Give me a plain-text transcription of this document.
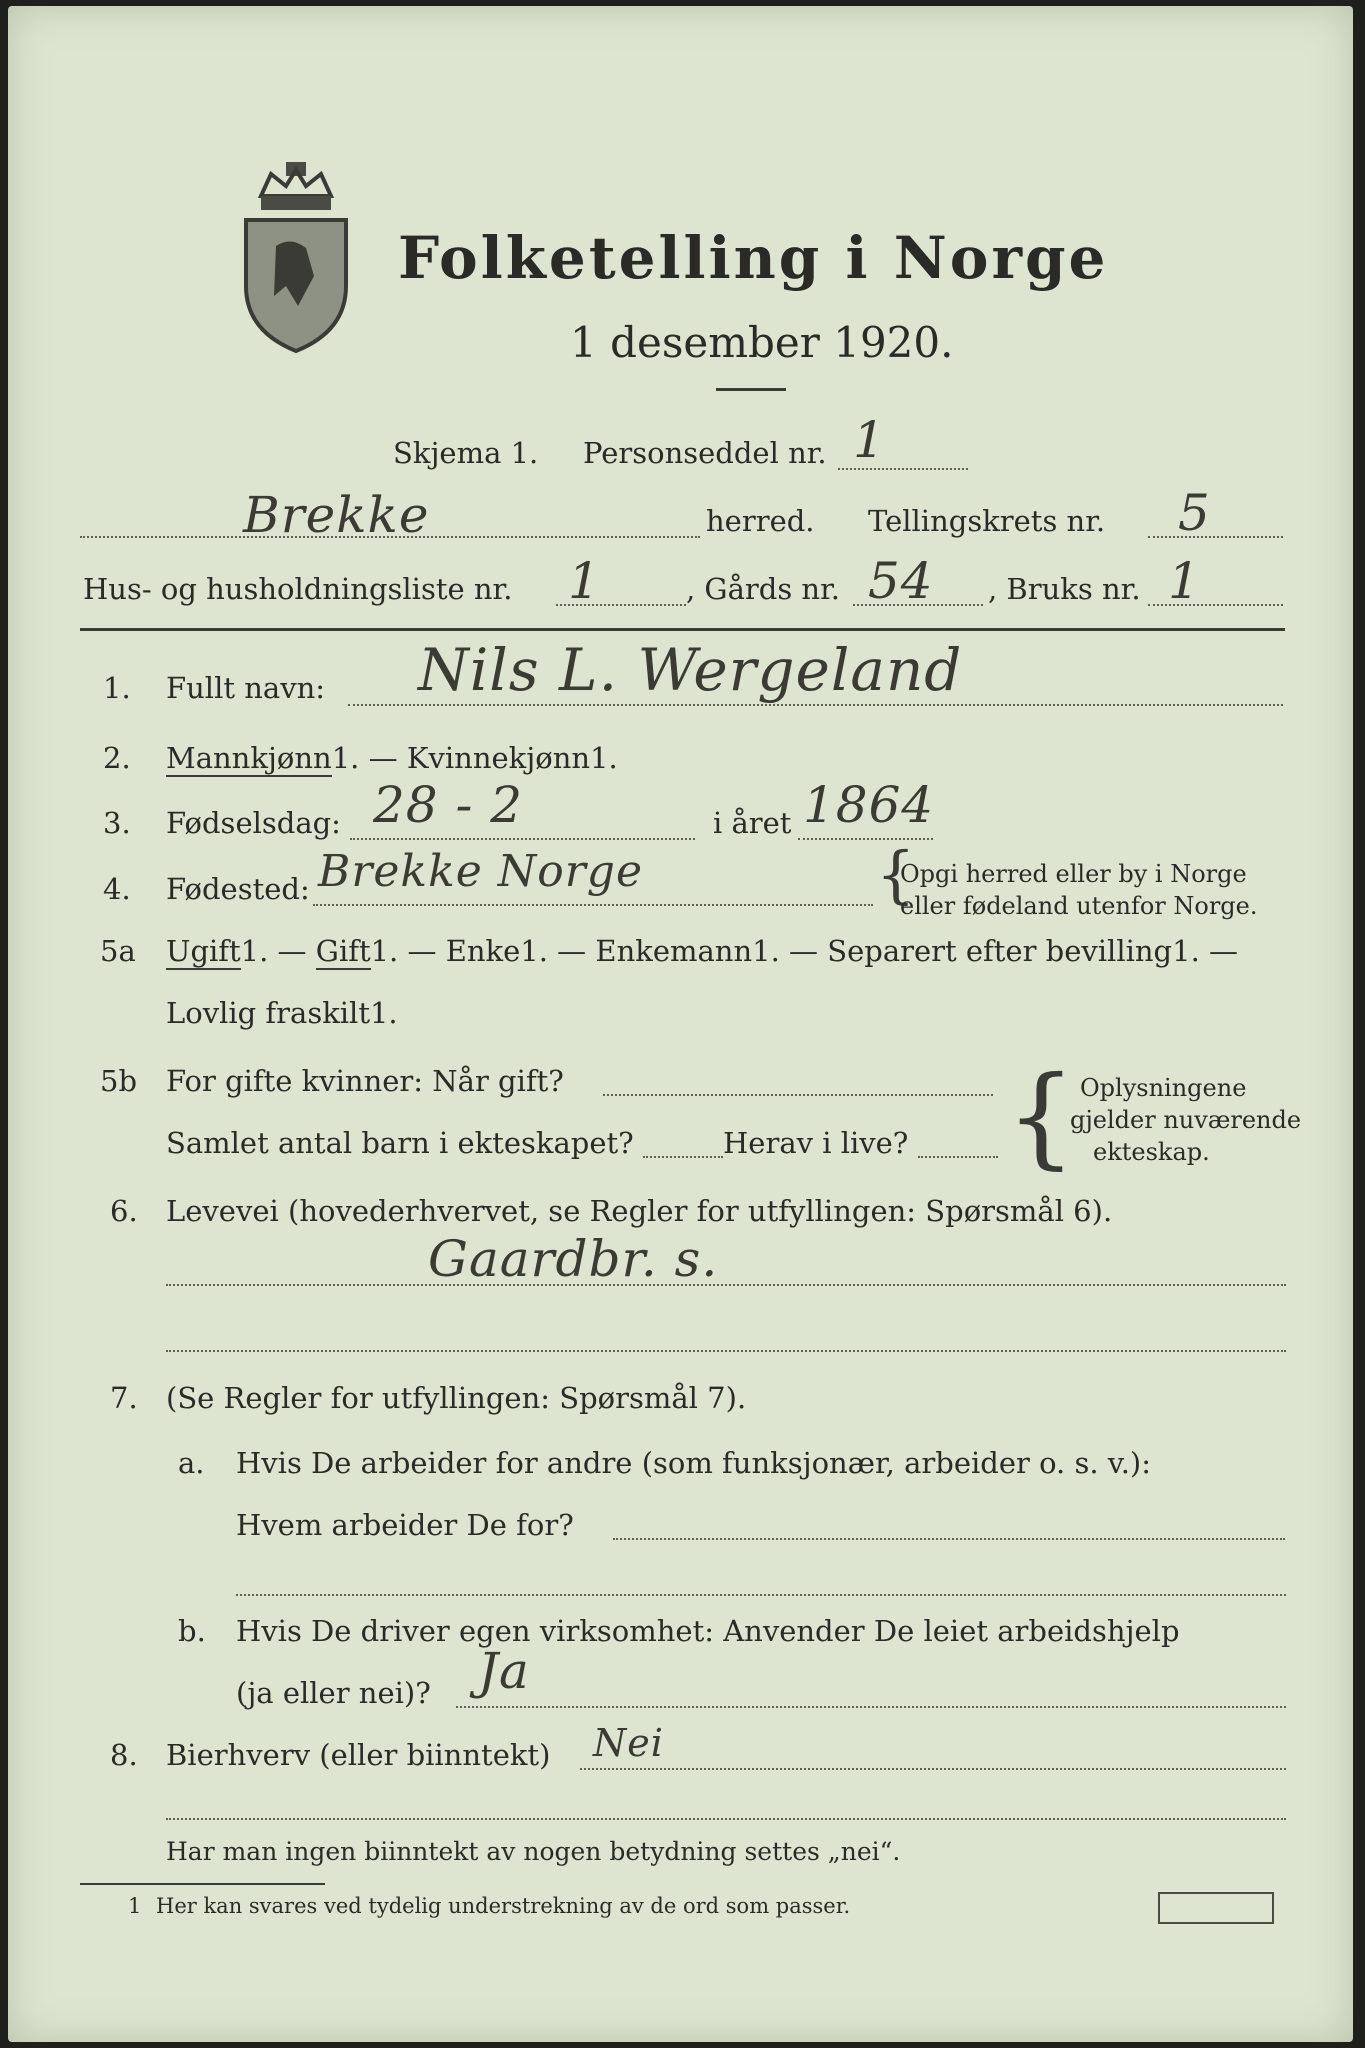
Folketelling i Norge
1 desember 1920.
Skjema 1. Personseddel nr. 1
Brekke	herred. Tellingskrets nr. 5
Hus- og husholdningsliste nr. 1	, Gårds nr. 54 , Bruks nr. 1
1. Fullt navn: Nils L. Wergeland
2. Mannkjønn1. — Kvinnekjønn1.
3. Fødselsdag: 28 - 2	i året 1864
4. Fødested: Brekke Norge	{
Opgi herred eller by i Norge
eller fødeland utenfor Norge.
5a Ugift1. — Gift1. — Enke1. — Enkemann1. — Separert efter bevilling1. —
Lovlig fraskilt1.
5b For gifte kvinner: Når gift?
Samlet antal barn i ekteskapet?	Herav i live? { Oplysningene
gjelder nuværende
ekteskap.
6. Levevei (hovederhvervet, se Regler for utfyllingen: Spørsmål 6).
Gaardbr. s.
7. (Se Regler for utfyllingen: Spørsmål 7).
a. Hvis De arbeider for andre (som funksjonær, arbeider o. s. v.):
Hvem arbeider De for?
b. Hvis De driver egen virksomhet: Anvender De leiet arbeidshjelp
(ja eller nei)? Ja
8. Bierhverv (eller biinntekt) Nei
Har man ingen biinntekt av nogen betydning settes „nei“.
1 Her kan svares ved tydelig understrekning av de ord som passer.
